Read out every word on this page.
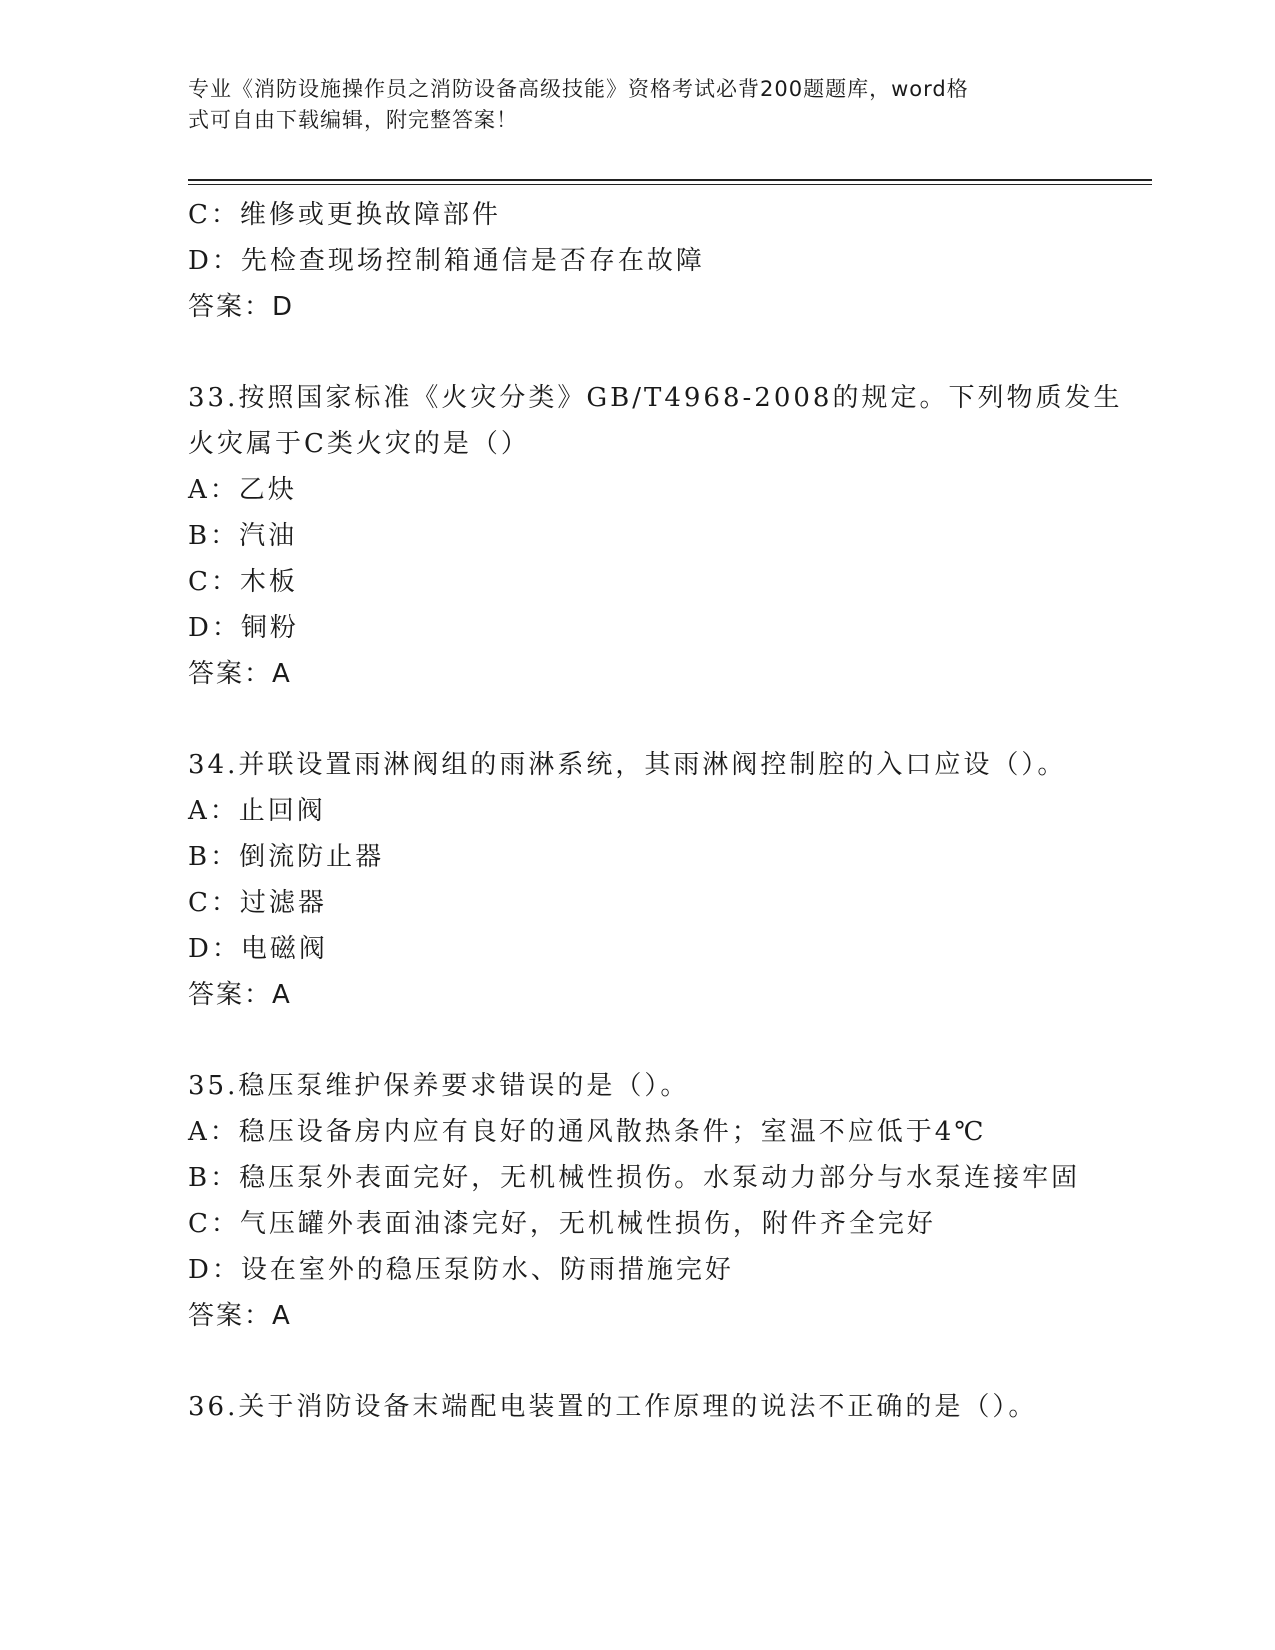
专业《消防设施操作员之消防设备高级技能》资格考试必背200题题库，word格
式可自由下载编辑，附完整答案！
C：维修或更换故障部件
D：先检查现场控制箱通信是否存在故障
答案：D
33.按照国家标准《火灾分类》GB/T4968-2008的规定。下列物质发生
火灾属于C类火灾的是（）
A：乙炔
B：汽油
C：木板
D：铜粉
答案：A
34.并联设置雨淋阀组的雨淋系统，其雨淋阀控制腔的入口应设（）。
A：止回阀
B：倒流防止器
C：过滤器
D：电磁阀
答案：A
35.稳压泵维护保养要求错误的是（）。
A：稳压设备房内应有良好的通风散热条件；室温不应低于4℃
B：稳压泵外表面完好，无机械性损伤。水泵动力部分与水泵连接牢固
C：气压罐外表面油漆完好，无机械性损伤，附件齐全完好
D：设在室外的稳压泵防水、防雨措施完好
答案：A
36.关于消防设备末端配电装置的工作原理的说法不正确的是（）。
